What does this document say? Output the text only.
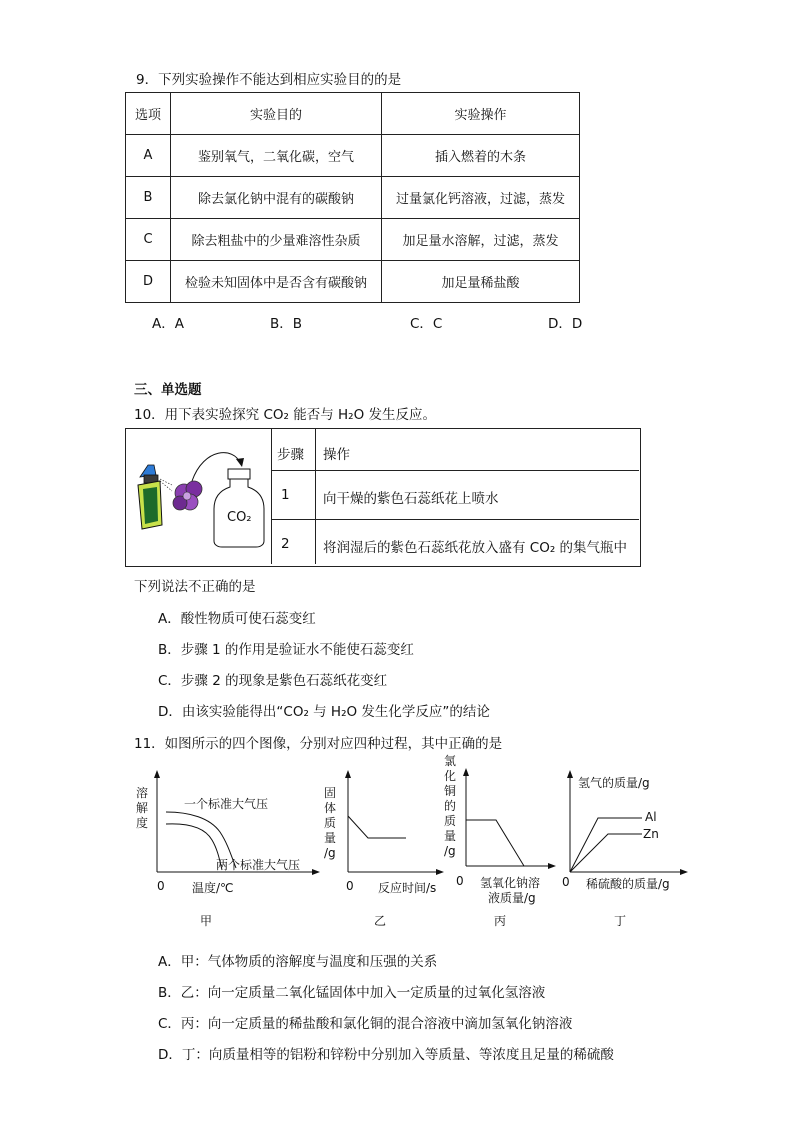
9．下列实验操作不能达到相应实验目的的是
选项	实验目的	实验操作
A	鉴别氧气，二氧化碳，空气	插入燃着的木条
B	除去氯化钠中混有的碳酸钠	过量氯化钙溶液，过滤，蒸发
C	除去粗盐中的少量难溶性杂质	加足量水溶解，过滤，蒸发
D	检验未知固体中是否含有碳酸钠	加足量稀盐酸
A．A	B．B	C．C	D．D
三、单选题
10．用下表实验探究 CO₂ 能否与 H₂O 发生反应。
CO₂
步骤 操作
1 向干燥的紫色石蕊纸花上喷水
2 将润湿后的紫色石蕊纸花放入盛有 CO₂ 的集气瓶中
下列说法不正确的是
A．酸性物质可使石蕊变红
B．步骤 1 的作用是验证水不能使石蕊变红
C．步骤 2 的现象是紫色石蕊纸花变红
D．由该实验能得出“CO₂ 与 H₂O 发生化学反应”的结论
11．如图所示的四个图像，分别对应四种过程，其中正确的是
溶
解
度
一个标准大气压
两个标准大气压
0 温度/℃
甲
固
体
质
量
/g
0 反应时间/s
乙
氯
化
铜
的
质
量
/g
0 氢氧化钠溶
液质量/g
丙
氢气的质量/g
Al
Zn
0 稀硫酸的质量/g
丁
A．甲：气体物质的溶解度与温度和压强的关系
B．乙：向一定质量二氧化锰固体中加入一定质量的过氧化氢溶液
C．丙：向一定质量的稀盐酸和氯化铜的混合溶液中滴加氢氧化钠溶液
D．丁：向质量相等的铝粉和锌粉中分别加入等质量、等浓度且足量的稀硫酸
